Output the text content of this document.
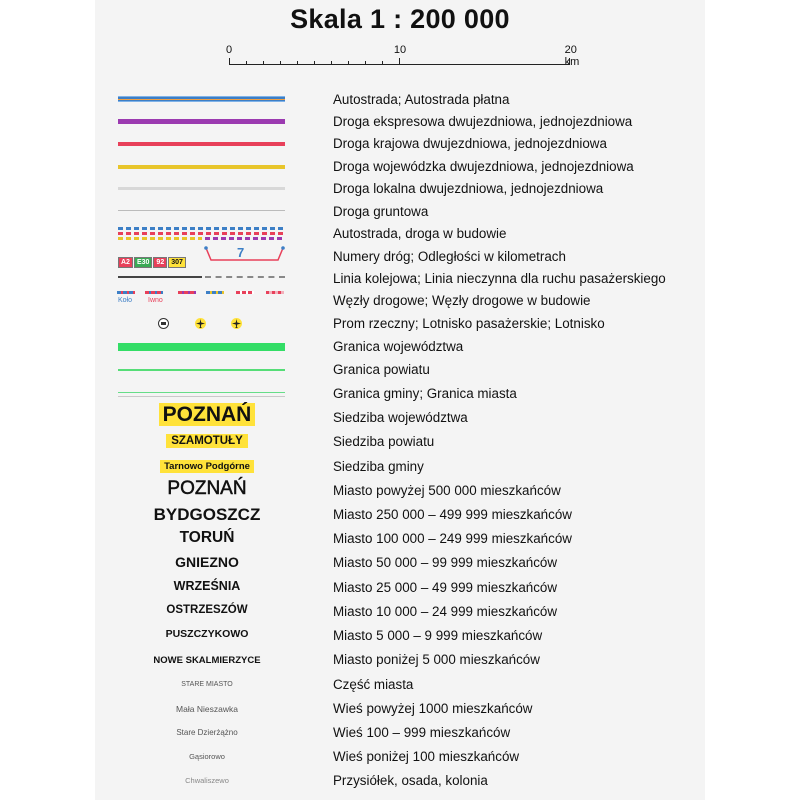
Skala 1 : 200 000
0	10	20 km
A2 E30 92 307
7
Koło Iwno
POZNAŃ
SZAMOTUŁY
Tarnowo Podgórne
POZNAŃ
BYDGOSZCZ
TORUŃ
GNIEZNO
WRZEŚNIA
OSTRZESZÓW
PUSZCZYKOWO
NOWE SKALMIERZYCE
STARE MIASTO
Mała Nieszawka
Stare Dzierżążno
Gąsiorowo
Chwaliszewo
Autostrada; Autostrada płatna
Droga ekspresowa dwujezdniowa, jednojezdniowa
Droga krajowa dwujezdniowa, jednojezdniowa
Droga wojewódzka dwujezdniowa, jednojezdniowa
Droga lokalna dwujezdniowa, jednojezdniowa
Droga gruntowa
Autostrada, droga w budowie
Numery dróg; Odległości w kilometrach
Linia kolejowa; Linia nieczynna dla ruchu pasażerskiego
Węzły drogowe; Węzły drogowe w budowie
Prom rzeczny; Lotnisko pasażerskie; Lotnisko
Granica województwa
Granica powiatu
Granica gminy; Granica miasta
Siedziba województwa
Siedziba powiatu
Siedziba gminy
Miasto powyżej 500 000 mieszkańców
Miasto 250 000 – 499 999 mieszkańców
Miasto 100 000 – 249 999 mieszkańców
Miasto 50 000 – 99 999 mieszkańców
Miasto 25 000 – 49 999 mieszkańców
Miasto 10 000 – 24 999 mieszkańców
Miasto 5 000 – 9 999 mieszkańców
Miasto poniżej 5 000 mieszkańców
Część miasta
Wieś powyżej 1000 mieszkańców
Wieś 100 – 999 mieszkańców
Wieś poniżej 100 mieszkańców
Przysiółek, osada, kolonia
